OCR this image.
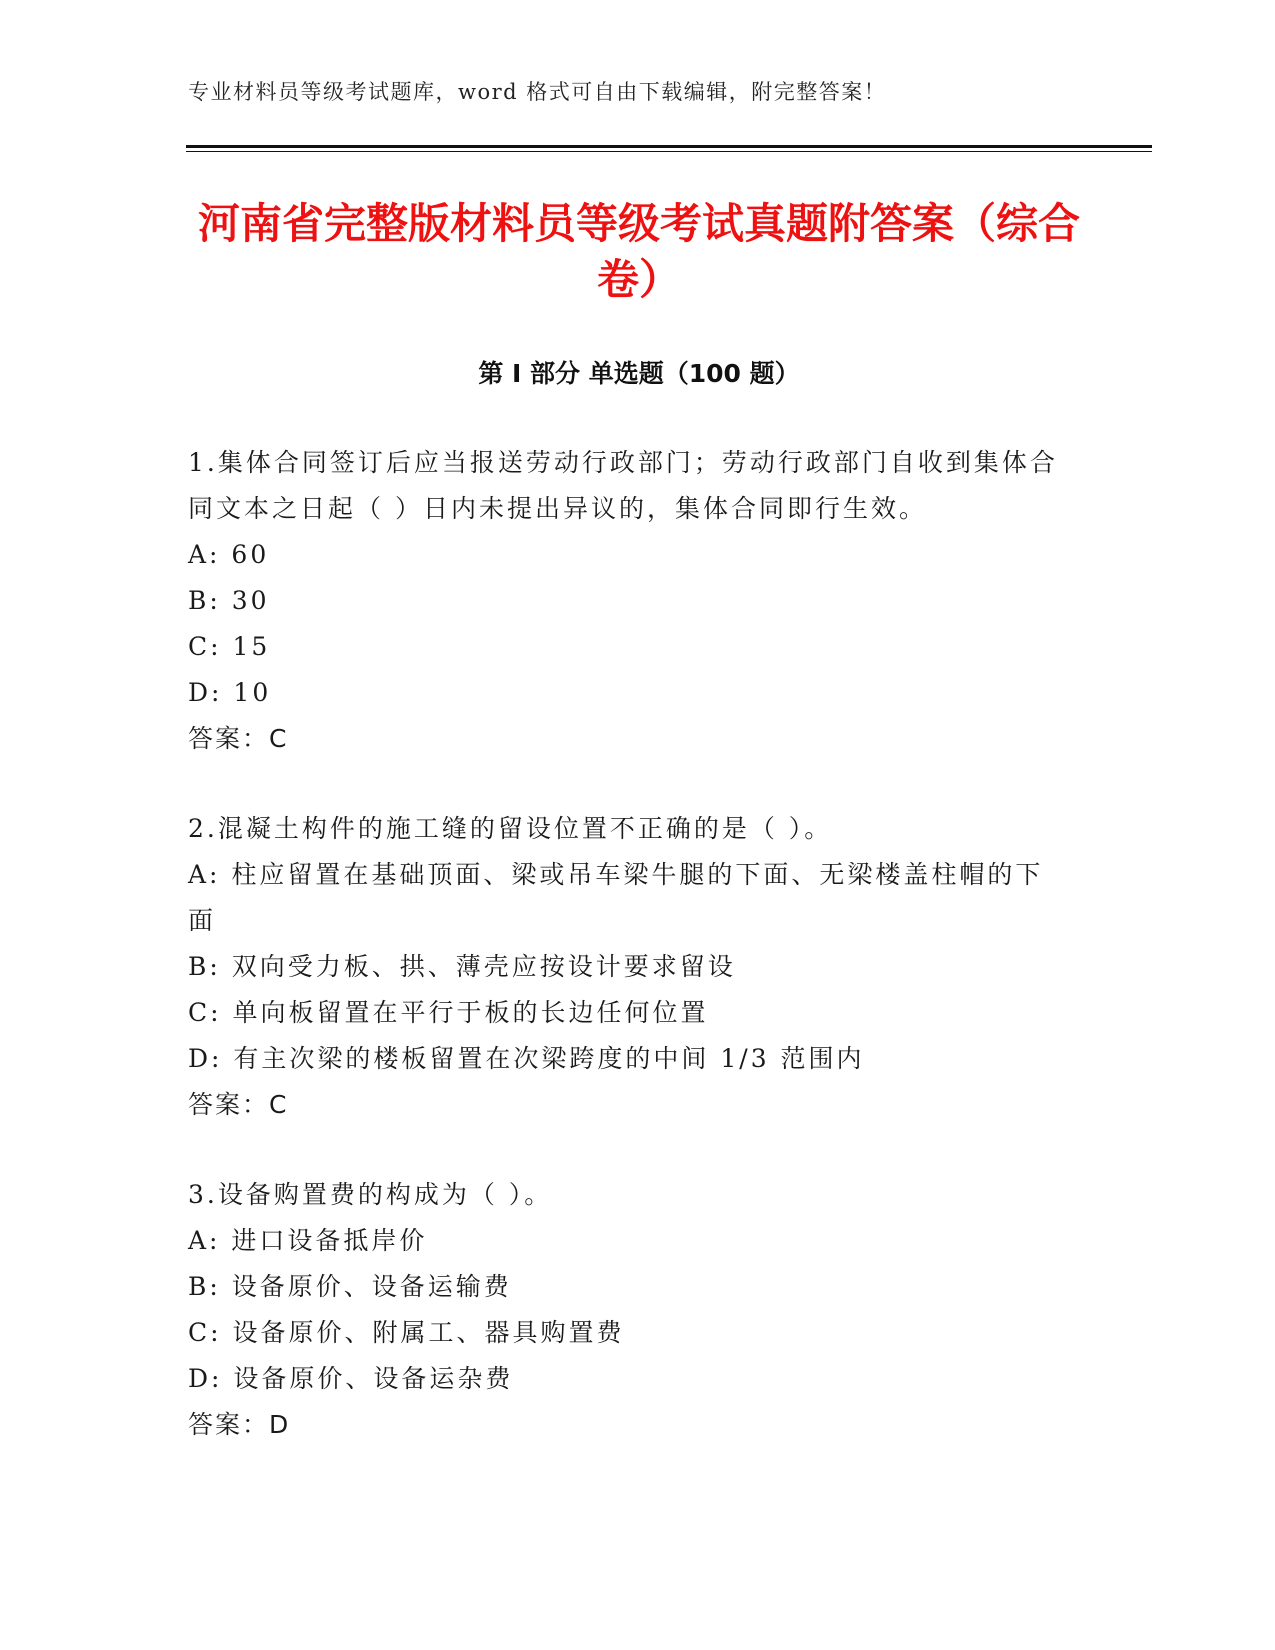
专业材料员等级考试题库，word 格式可自由下载编辑，附完整答案！
河南省完整版材料员等级考试真题附答案（综合卷）
第 I 部分 单选题（100 题）

1.集体合同签订后应当报送劳动行政部门；劳动行政部门自收到集体合同文本之日起（ ）日内未提出异议的，集体合同即行生效。

A: 60

B: 30

C: 15

D: 10

答案：C

2.混凝土构件的施工缝的留设位置不正确的是（ ）。

A: 柱应留置在基础顶面、梁或吊车梁牛腿的下面、无梁楼盖柱帽的下面

B: 双向受力板、拱、薄壳应按设计要求留设

C: 单向板留置在平行于板的长边任何位置

D: 有主次梁的楼板留置在次梁跨度的中间 1/3 范围内

答案：C

3.设备购置费的构成为（ ）。

A: 进口设备抵岸价

B: 设备原价、设备运输费

C: 设备原价、附属工、器具购置费

D: 设备原价、设备运杂费

答案：D
